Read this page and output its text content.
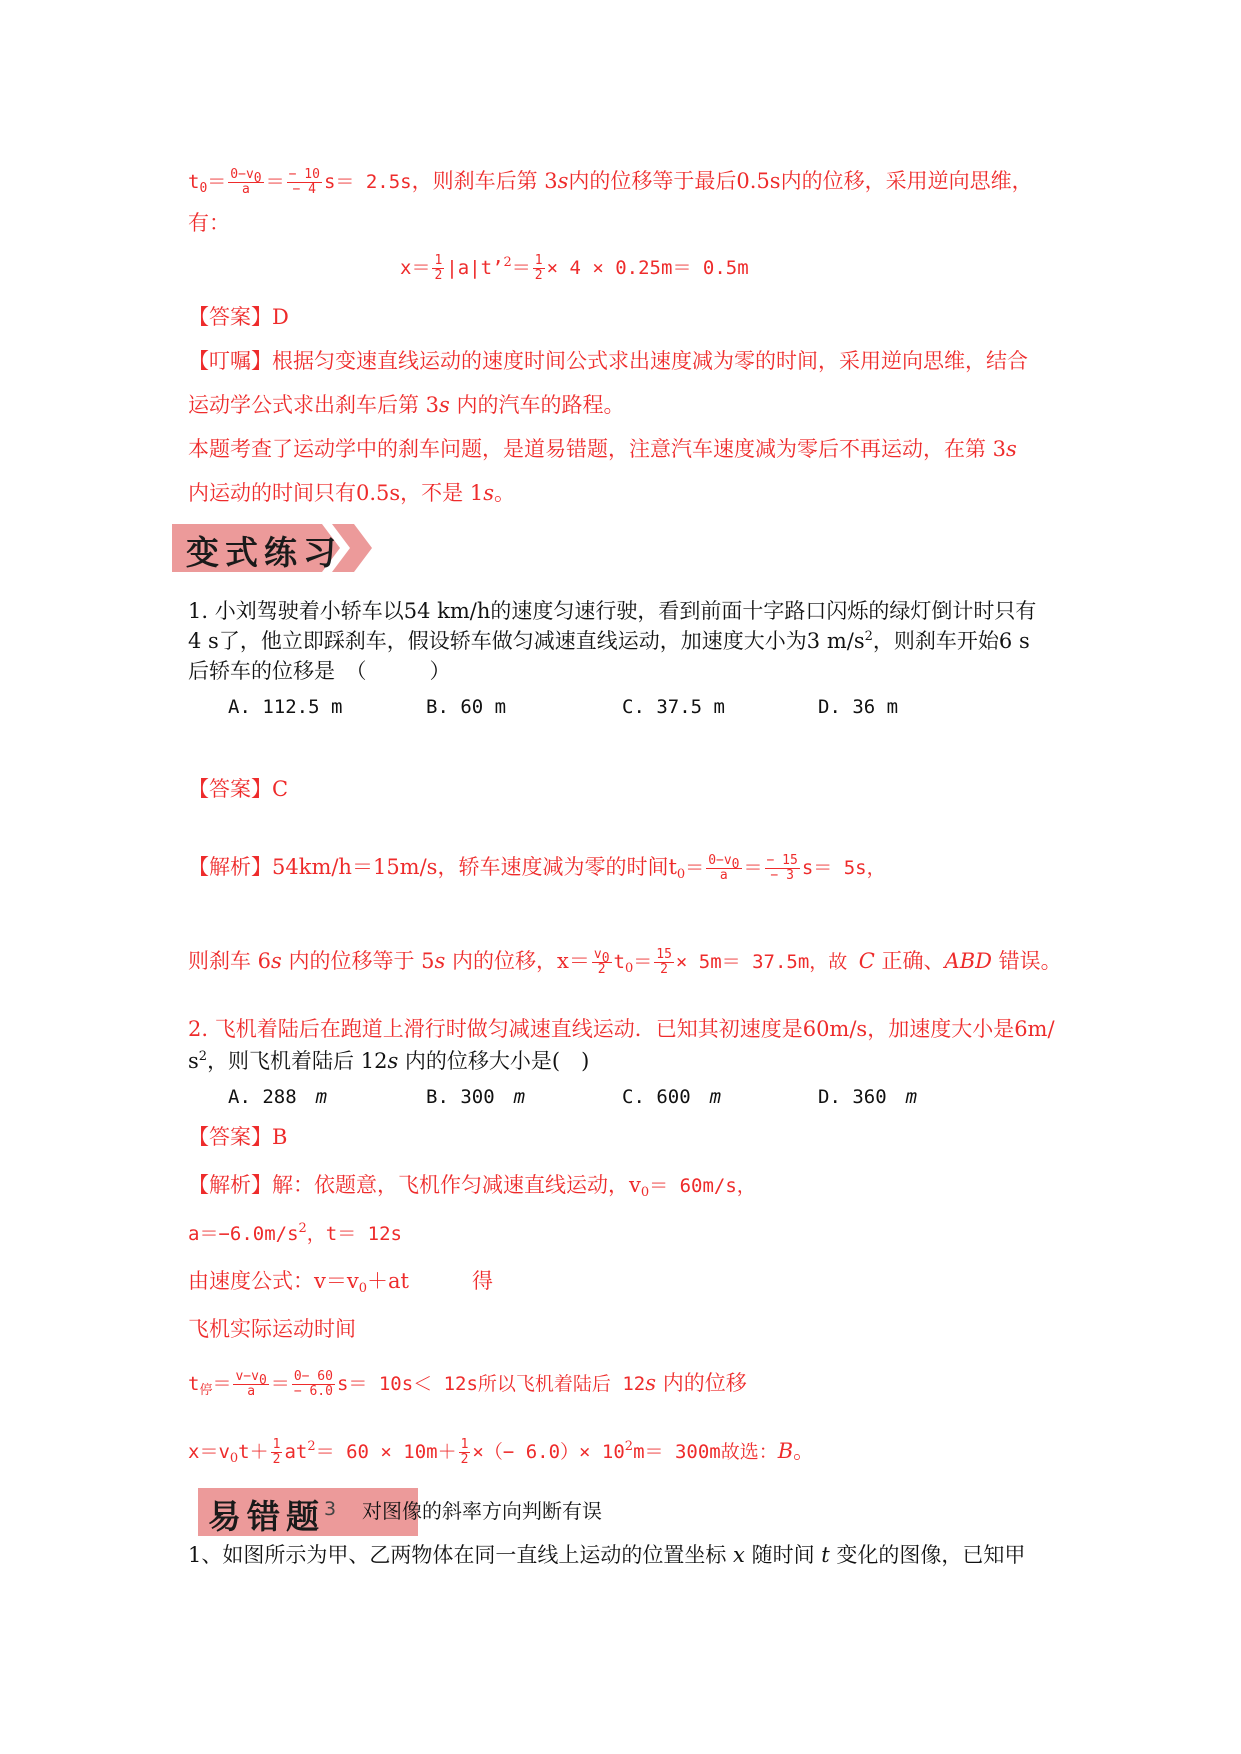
$t_0= \frac{0-v_0}{a} = \frac{- 10}{- 4} s= 2.5s$，则刹车后第 3s内的位移等于最后0.5s内的位移，采用逆向思维，
有：
$x= \frac{1}{2}$ |a|t’$^2$＝ $\frac{1}{2} \times 4 \times 0.25m= 0.5m$
【答案】D
【叮嘱】根据匀变速直线运动的速度时间公式求出速度减为零的时间，采用逆向思维，结合
运动学公式求出刹车后第 3s 内的汽车的路程。
本题考查了运动学中的刹车问题，是道易错题，注意汽车速度减为零后不再运动，在第 3s
内运动的时间只有0.5s，不是 1s。
变式练习
1. 小刘驾驶着小轿车以54 km/h的速度匀速行驶，看到前面十字路口闪烁的绿灯倒计时只有
4 s了，他立即踩刹车，假设轿车做匀减速直线运动，加速度大小为3 $m/s^2$，则刹车开始6 s
后轿车的位移是　（　　　）
A. 112.5 m	B. 60 m	C. 37.5 m	D. 36 m
【答案】C
【解析】54km/h＝15m/s，轿车速度减为零的时间$t_0= \frac{0-v_0}{a} = \frac{- 15}{- 3} s= 5s$，
则刹车 6s 内的位移等于 5s 内的位移，$x= \frac{v_0}{2} t_0= \frac{15}{2} \times 5m= 37.5m$，故 C 正确、ABD 错误。
2. 飞机着陆后在跑道上滑行时做匀减速直线运动．已知其初速度是60m/s，加速度大小是6m/
$s^2$，则飞机着陆后 12s 内的位移大小是(　)
A. 288　 m	B. 300　 m	C. 600　 m	D. 360　 m
【答案】B
【解析】解：依题意，飞机作匀减速直线运动，$v_0= 60m/s$，
$a=-6.0m/s^2$，t＝ 12s
由速度公式：$v=v_0+at$　　　得
飞机实际运动时间
$t_停= \frac{v-v_0}{a} = \frac{0- 60}{- 6.0} s= 10s< 12s$所以飞机着陆后 12s 内的位移
$x=v_0t+ \frac{1}{2} at^2= 60 \times 10m+ \frac{1}{2}$ ×（− $6.0)\times 10^2m= 300m$故选：B。
易错题 3 对图像的斜率方向判断有误
1、如图所示为甲、乙两物体在同一直线上运动的位置坐标 x 随时间 t 变化的图像，已知甲
